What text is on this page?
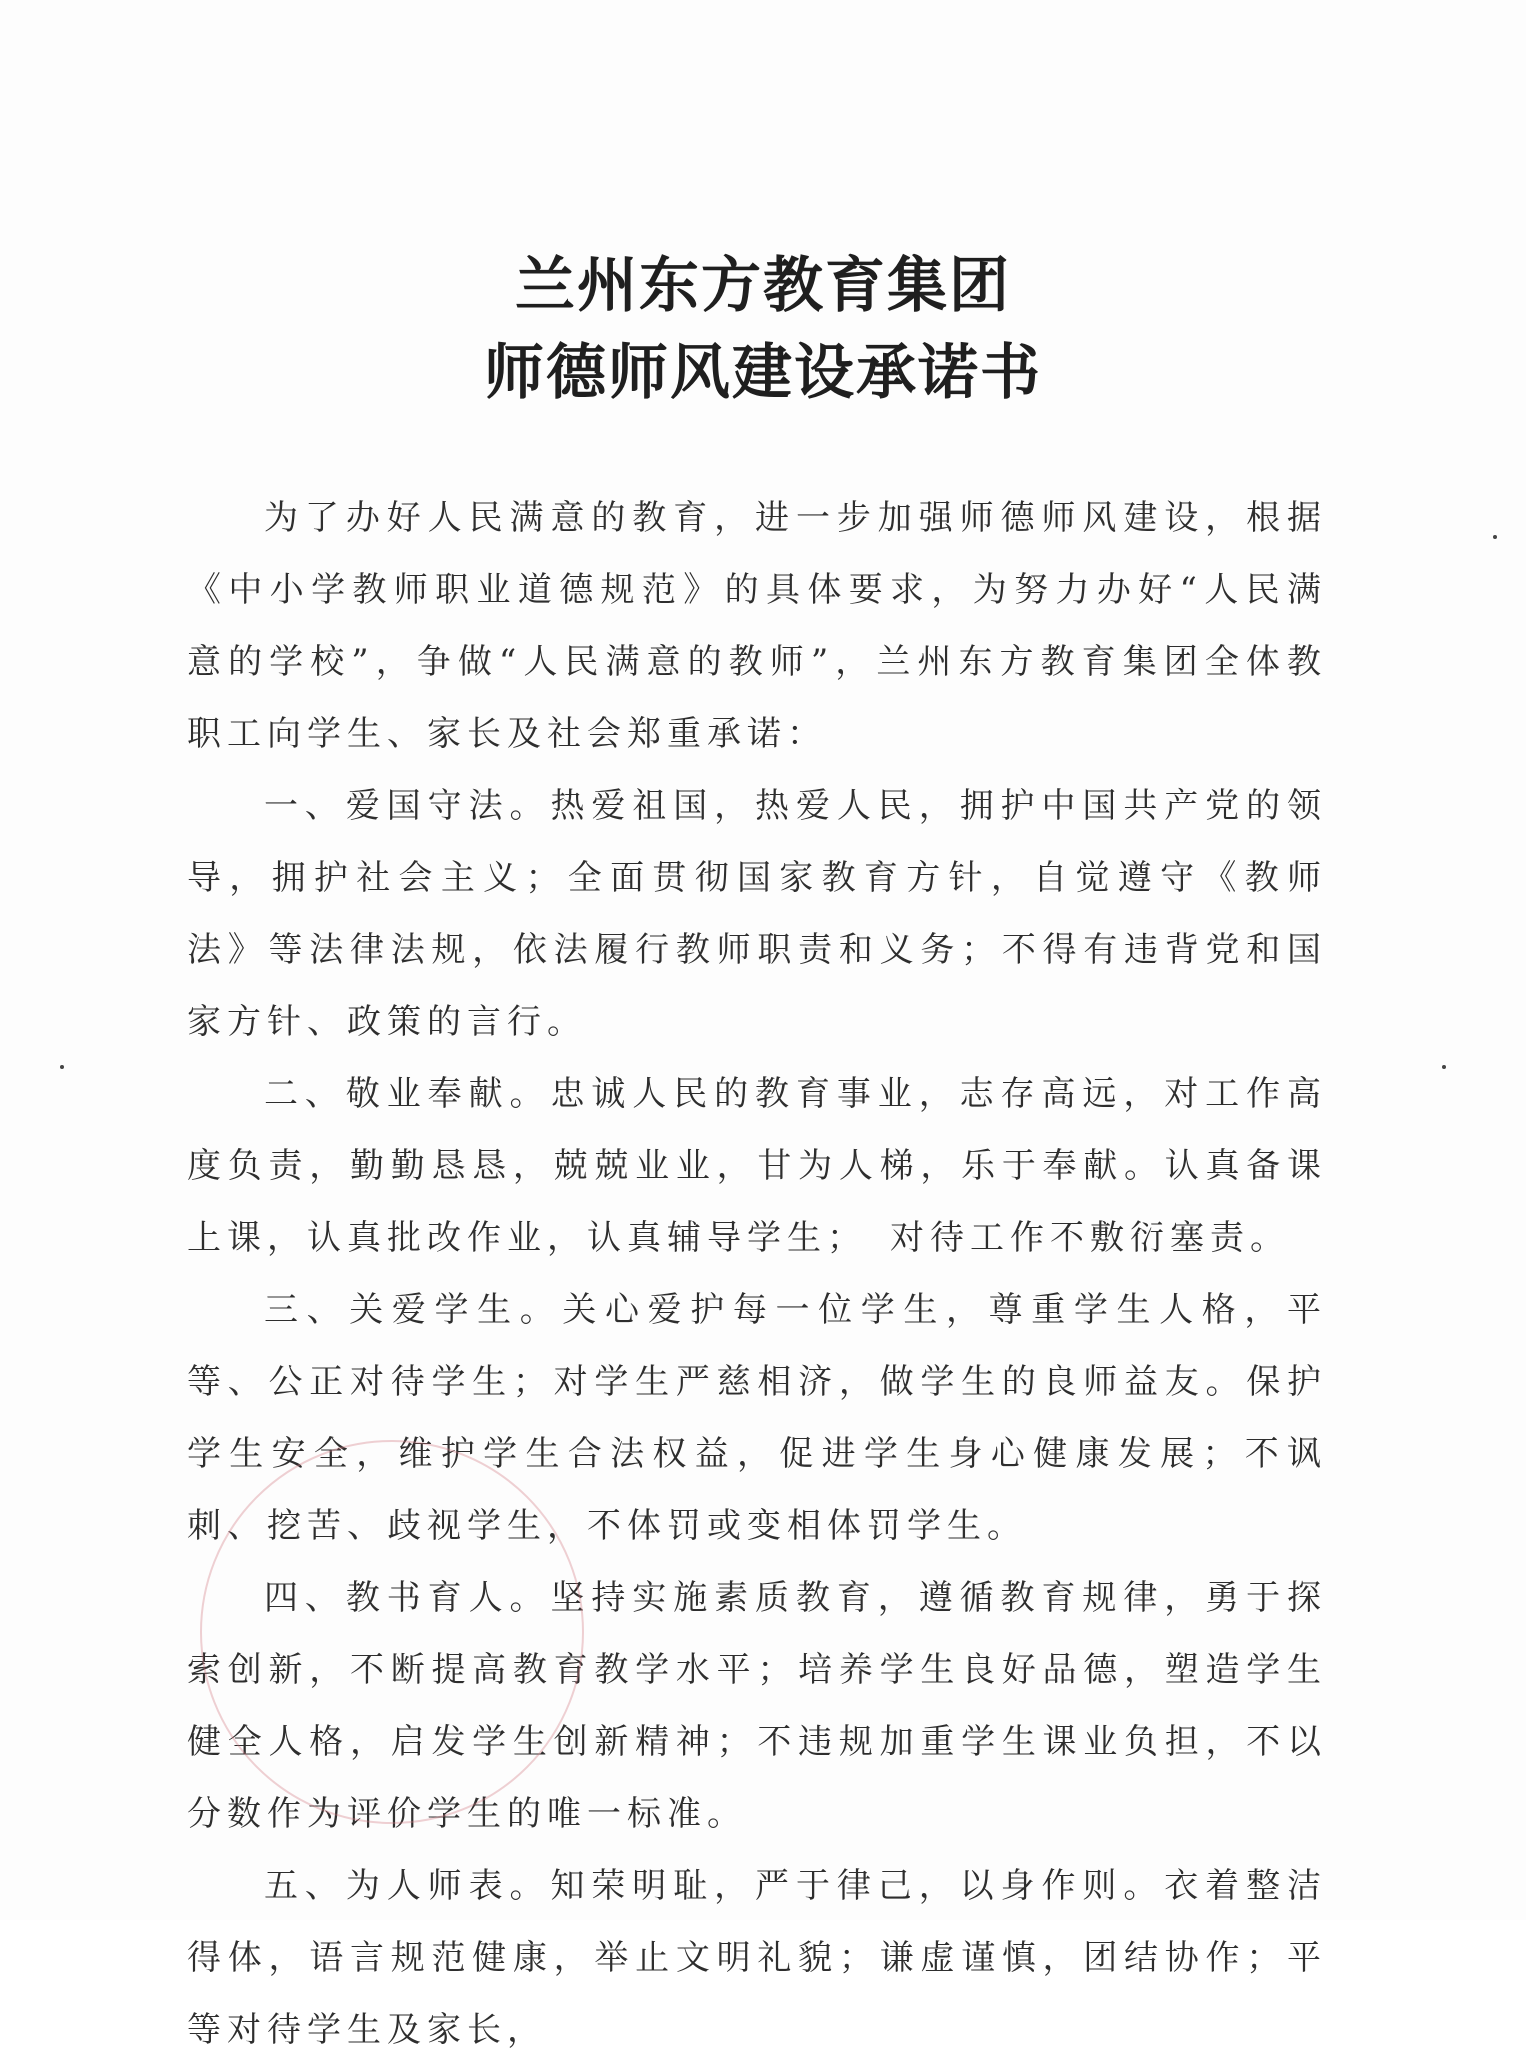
兰州东方教育集团
师德师风建设承诺书

为了办好人民满意的教育，进一步加强师德师风建设，根据《中小学教师职业道德规范》的具体要求，为努力办好“人民满意的学校”，争做“人民满意的教师”，兰州东方教育集团全体教职工向学生、家长及社会郑重承诺：

一、爱国守法。热爱祖国，热爱人民，拥护中国共产党的领导，拥护社会主义；全面贯彻国家教育方针，自觉遵守《教师法》等法律法规，依法履行教师职责和义务；不得有违背党和国家方针、政策的言行。

二、敬业奉献。忠诚人民的教育事业，志存高远，对工作高度负责，勤勤恳恳，兢兢业业，甘为人梯，乐于奉献。认真备课上课，认真批改作业，认真辅导学生；　对待工作不敷衍塞责。

三、关爱学生。关心爱护每一位学生，尊重学生人格，平等、公正对待学生；对学生严慈相济，做学生的良师益友。保护学生安全，维护学生合法权益，促进学生身心健康发展；不讽刺、挖苦、歧视学生，不体罚或变相体罚学生。

四、教书育人。坚持实施素质教育，遵循教育规律，勇于探索创新，不断提高教育教学水平；培养学生良好品德，塑造学生健全人格，启发学生创新精神；不违规加重学生课业负担，不以分数作为评价学生的唯一标准。

五、为人师表。知荣明耻，严于律己，以身作则。衣着整洁得体，语言规范健康，举止文明礼貌；谦虚谨慎，团结协作；平等对待学生及家长，
